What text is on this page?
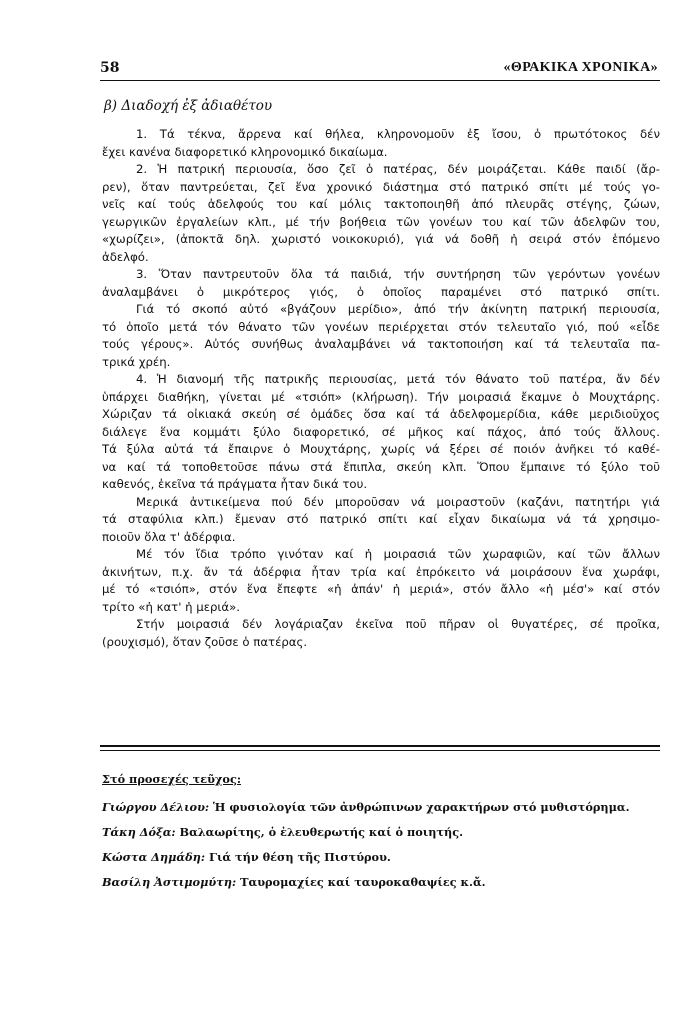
58	«ΘΡΑΚΙΚΑ ΧΡΟΝΙΚΑ»
β) Διαδοχή ἐξ ἀδιαθέτου

1. Τά τέκνα, ἄρρενα καί θήλεα, κληρονομοῦν ἐξ ἴσου, ὁ πρωτότοκος δέν

ἔχει κανένα διαφορετικό κληρονομικό δικαίωμα.

2. Ἡ πατρική περιουσία, ὅσο ζεῖ ὁ πατέρας, δέν μοιράζεται. Κάθε παιδί (ἄρ-

ρεν), ὅταν παντρεύεται, ζεῖ ἕνα χρονικό διάστημα στό πατρικό σπίτι μέ τούς γο-

νεῖς καί τούς ἀδελφούς του καί μόλις τακτοποιηθῆ ἀπό πλευρᾶς στέγης, ζώων,

γεωργικῶν ἐργαλείων κλπ., μέ τήν βοήθεια τῶν γονέων του καί τῶν ἀδελφῶν του,

«χωρίζει», (ἀποκτᾶ δηλ. χωριστό νοικοκυριό), γιά νά δοθῆ ἡ σειρά στόν ἑπόμενο

ἀδελφό.

3. Ὅταν παντρευτοῦν ὅλα τά παιδιά, τήν συντήρηση τῶν γερόντων γονέων

ἀναλαμβάνει ὁ μικρότερος γιός, ὁ ὁποῖος παραμένει στό πατρικό σπίτι.

Γιά τό σκοπό αὐτό «βγάζουν μερίδιο», ἀπό τήν ἀκίνητη πατρική περιουσία,

τό ὁποῖο μετά τόν θάνατο τῶν γονέων περιέρχεται στόν τελευταῖο γιό, πού «εἶδε

τούς γέρους». Αὐτός συνήθως ἀναλαμβάνει νά τακτοποιήση καί τά τελευταῖα πα-

τρικά χρέη.

4. Ἡ διανομή τῆς πατρικῆς περιουσίας, μετά τόν θάνατο τοῦ πατέρα, ἄν δέν

ὑπάρχει διαθήκη, γίνεται μέ «τσιόπ» (κλήρωση). Τήν μοιρασιά ἔκαμνε ὁ Μουχτάρης.

Χώριζαν τά οἰκιακά σκεύη σέ ὁμάδες ὅσα καί τά ἀδελφομερίδια, κάθε μεριδιοῦχος

διάλεγε ἕνα κομμάτι ξύλο διαφορετικό, σέ μῆκος καί πάχος, ἀπό τούς ἄλλους.

Τά ξύλα αὐτά τά ἔπαιρνε ὁ Μουχτάρης, χωρίς νά ξέρει σέ ποιόν ἀνῆκει τό καθέ-

να καί τά τοποθετοῦσε πάνω στά ἔπιπλα, σκεύη κλπ. Ὅπου ἔμπαινε τό ξύλο τοῦ

καθενός, ἐκεῖνα τά πράγματα ἦταν δικά του.

Μερικά ἀντικείμενα πού δέν μποροῦσαν νά μοιραστοῦν (καζάνι, πατητήρι γιά

τά σταφύλια κλπ.) ἔμεναν στό πατρικό σπίτι καί εἶχαν δικαίωμα νά τά χρησιμο-

ποιοῦν ὅλα τ' ἀδέρφια.

Μέ τόν ἴδια τρόπο γινόταν καί ἡ μοιρασιά τῶν χωραφιῶν, καί τῶν ἄλλων

ἀκινήτων, π.χ. ἄν τά ἀδέρφια ἦταν τρία καί ἐπρόκειτο νά μοιράσουν ἕνα χωράφι,

μέ τό «τσιόπ», στόν ἕνα ἔπεφτε «ἡ ἀπάν' ἡ μεριά», στόν ἄλλο «ἡ μέσ'» καί στόν

τρίτο «ἡ κατ' ἡ μεριά».

Στήν μοιρασιά δέν λογάριαζαν ἐκεῖνα ποῦ πῆραν οἱ θυγατέρες, σέ προῖκα,

(ρουχισμό), ὅταν ζοῦσε ὁ πατέρας.

Στό προσεχές τεῦχος:

Γιώργου Δέλιου: Ἡ φυσιολογία τῶν ἀνθρώπινων χαρακτήρων στό μυθιστόρημα.

Τάκη Δόξα: Βαλαωρίτης, ὁ ἐλευθερωτής καί ὁ ποιητής.

Κώστα Δημάδη: Γιά τήν θέση τῆς Πιστύρου.

Βασίλη Ἀστιμομύτη: Ταυρομαχίες καί ταυροκαθαψίες κ.ἄ.
